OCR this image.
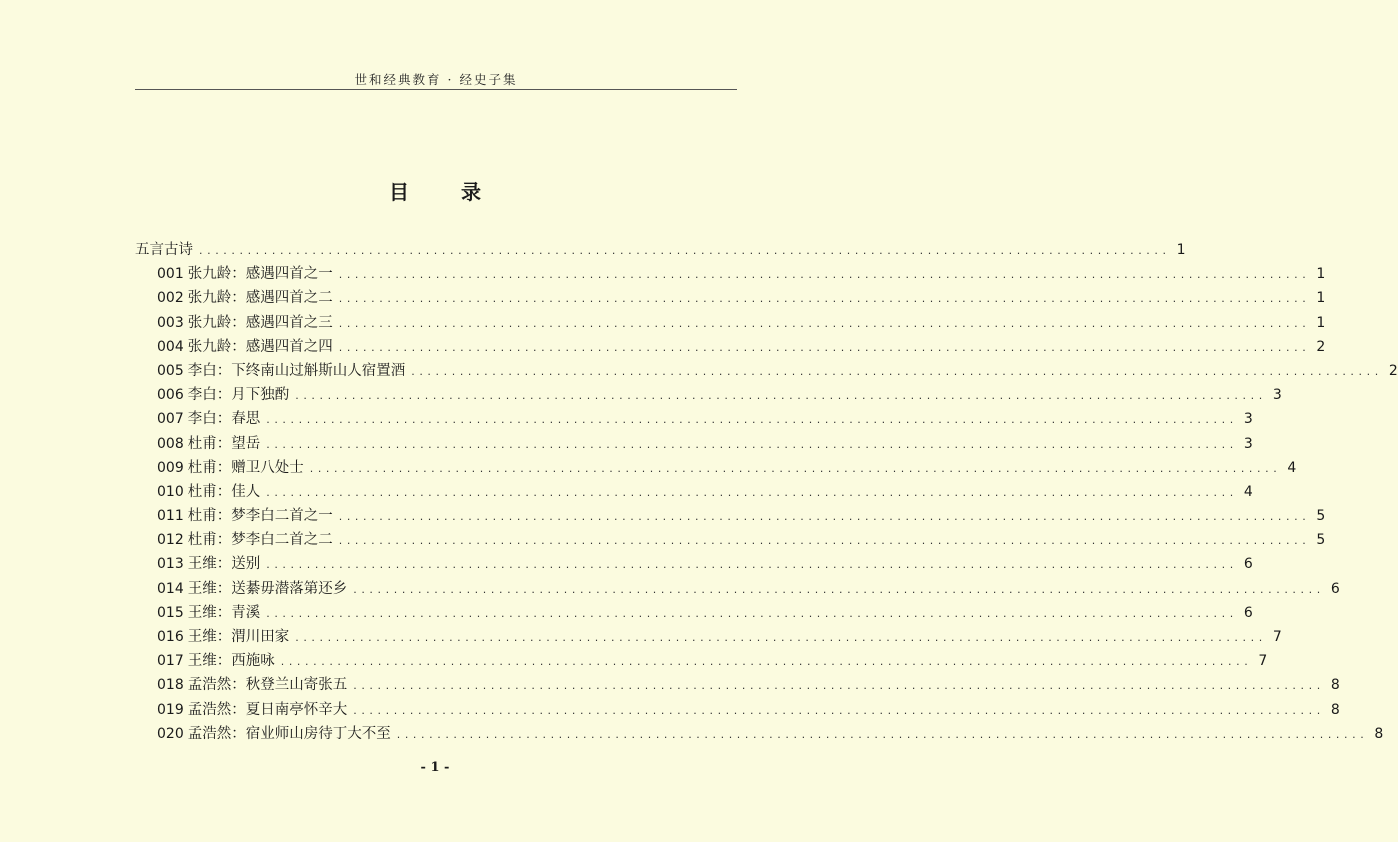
世和经典教育 · 经史子集
目	录
五言古诗 ........................................................................................................................ 1
001 张九龄：感遇四首之一 ........................................................................................................................ 1
002 张九龄：感遇四首之二 ........................................................................................................................ 1
003 张九龄：感遇四首之三 ........................................................................................................................ 1
004 张九龄：感遇四首之四 ........................................................................................................................ 2
005 李白：下终南山过斛斯山人宿置酒 ........................................................................................................................ 2
006 李白：月下独酌 ........................................................................................................................ 3
007 李白：春思 ........................................................................................................................ 3
008 杜甫：望岳 ........................................................................................................................ 3
009 杜甫：赠卫八处士 ........................................................................................................................ 4
010 杜甫：佳人 ........................................................................................................................ 4
011 杜甫：梦李白二首之一 ........................................................................................................................ 5
012 杜甫：梦李白二首之二 ........................................................................................................................ 5
013 王维：送别 ........................................................................................................................ 6
014 王维：送綦毋潜落第还乡 ........................................................................................................................ 6
015 王维：青溪 ........................................................................................................................ 6
016 王维：渭川田家 ........................................................................................................................ 7
017 王维：西施咏 ........................................................................................................................ 7
018 孟浩然：秋登兰山寄张五 ........................................................................................................................ 8
019 孟浩然：夏日南亭怀辛大 ........................................................................................................................ 8
020 孟浩然：宿业师山房待丁大不至 ........................................................................................................................ 8
- 1 -
